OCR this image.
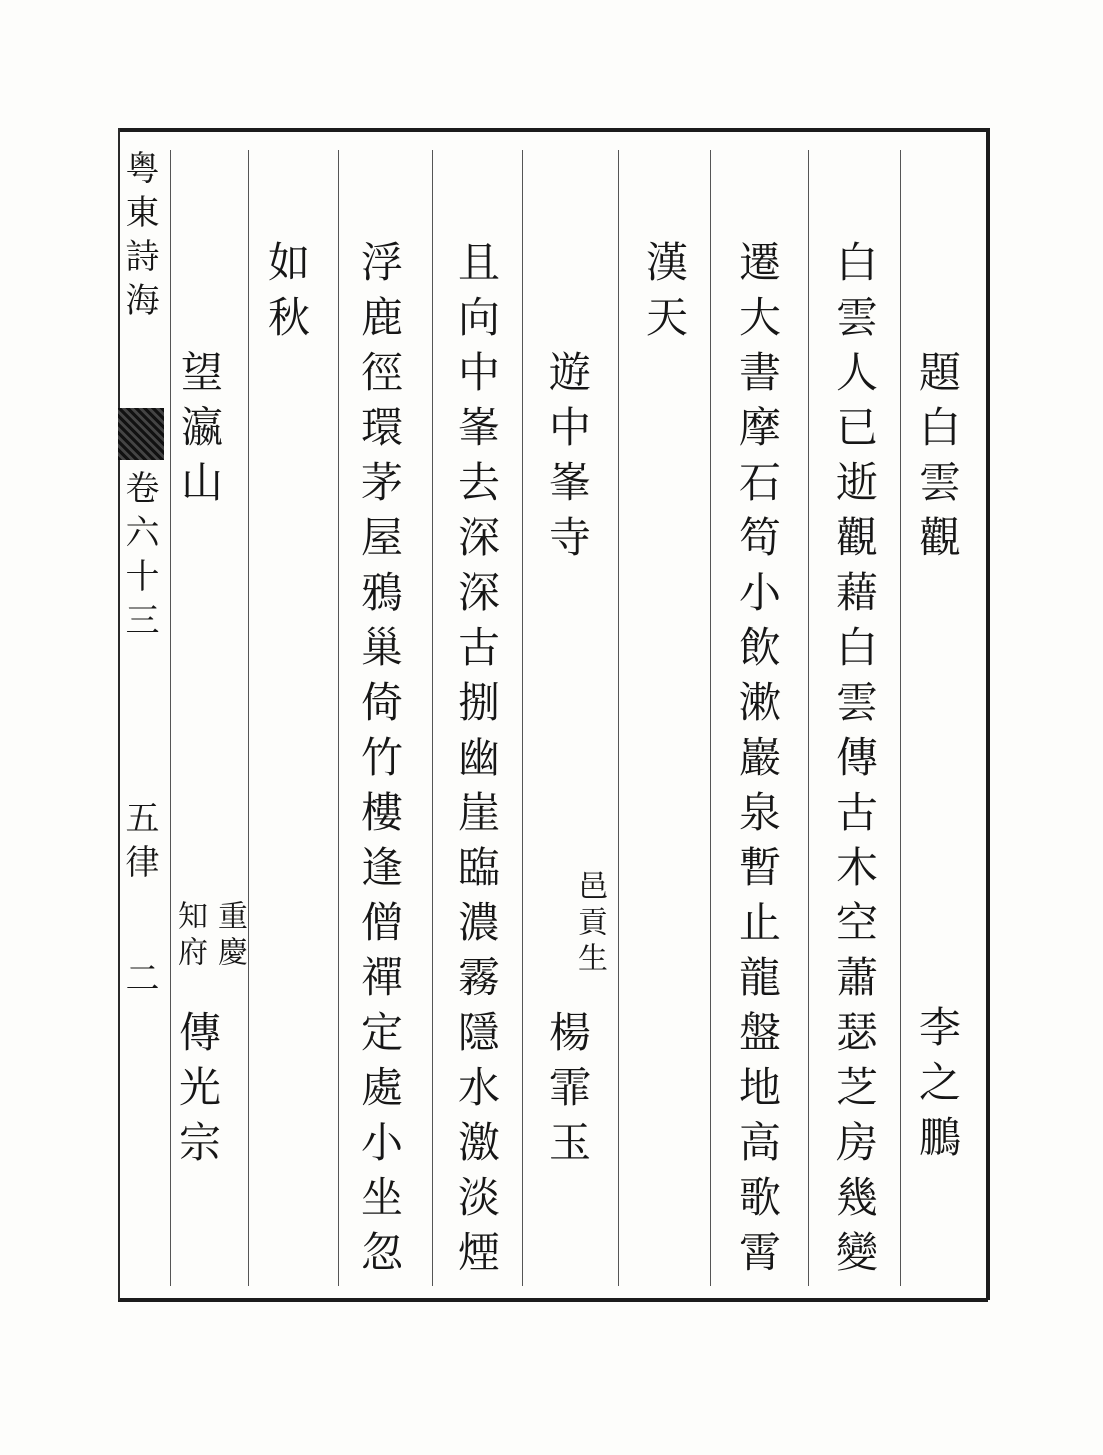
粤東詩海
卷六十三
五律
二
題白雲觀
李之鵬
白雲人已逝觀藉白雲傳古木空蕭瑟芝房幾變
遷大書摩石笱小飲漱巖泉暫止龍盤地高歌霄
漢天
遊中峯寺
邑貢生
楊霏玉
且向中峯去深深古捌幽崖臨濃霧隱水激淡煙
浮鹿徑環茅屋鴉巢倚竹樓逢僧禪定處小坐忽
如秋
望瀛山
重慶
知府
傳光宗
